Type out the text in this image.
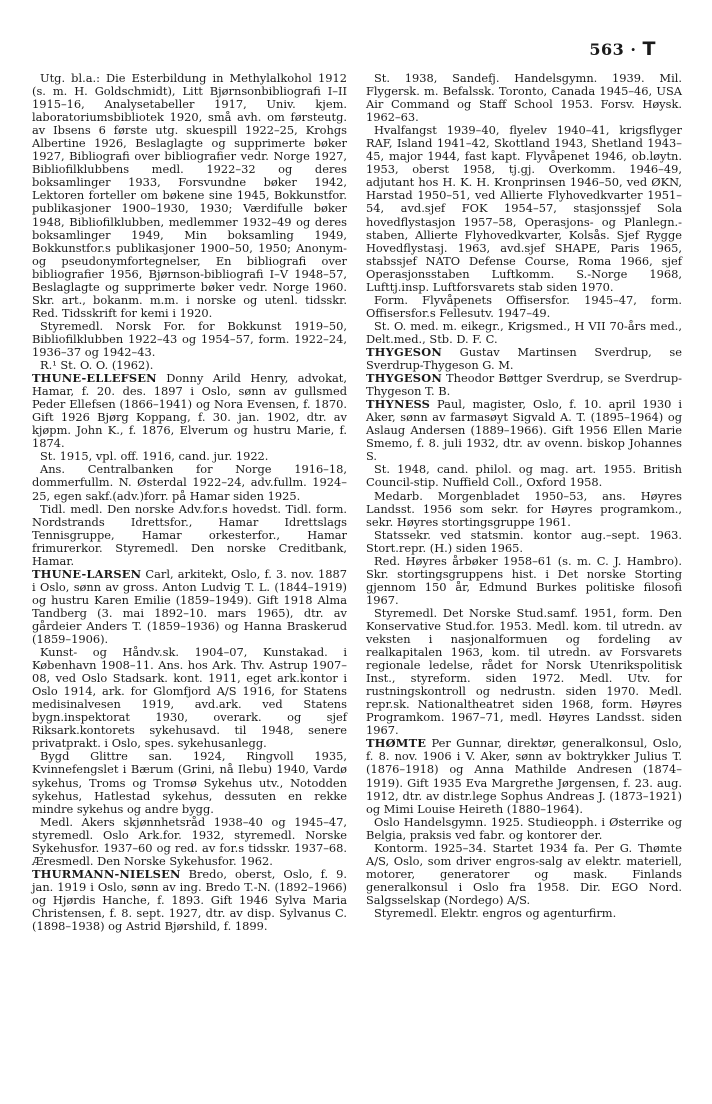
563 · T

Utg. bl.a.: Die Esterbildung in Methylalkohol 1912 (s. m. H. Goldschmidt), Litt Bjørnsonbibliografi I–II 1915–16, Analysetabeller 1917, Univ. kjem. laboratoriumsbibliotek 1920, små avh. om førsteutg. av Ibsens 6 første utg. skuespill 1922–25, Krohgs Albertine 1926, Beslaglagte og supprimerte bøker 1927, Bibliografi over bibliografier vedr. Norge 1927, Bibliofilklubbens medl. 1922–32 og deres boksamlinger 1933, Forsvundne bøker 1942, Lektoren forteller om bøkene sine 1945, Bokkunstfor. publikasjoner 1900–1930, 1930; Værdifulle bøker 1948, Bibliofilklubben, medlemmer 1932–49 og deres boksamlinger 1949, Min boksamling 1949, Bokkunstfor.s publikasjoner 1900–50, 1950; Anonym- og pseudonymfortegnelser, En bibliografi over bibliografier 1956, Bjørnson-bibliografi I–V 1948–57, Beslaglagte og supprimerte bøker vedr. Norge 1960. Skr. art., bokanm. m.m. i norske og utenl. tidsskr. Red. Tidsskrift for kemi i 1920.

Styremedl. Norsk For. for Bokkunst 1919–50, Bibliofilklubben 1922–43 og 1954–57, form. 1922–24, 1936–37 og 1942–43.

R.¹ St. O. O. (1962).

THUNE-ELLEFSEN Donny Arild Henry, advokat, Hamar, f. 20. des. 1897 i Oslo, sønn av gullsmed Peder Ellefsen (1866–1941) og Nora Evensen, f. 1870. Gift 1926 Bjørg Koppang, f. 30. jan. 1902, dtr. av kjøpm. John K., f. 1876, Elverum og hustru Marie, f. 1874.

St. 1915, vpl. off. 1916, cand. jur. 1922.

Ans. Centralbanken for Norge 1916–18, dommerfullm. N. Østerdal 1922–24, adv.fullm. 1924–25, egen sakf.(adv.)forr. på Hamar siden 1925.

Tidl. medl. Den norske Adv.for.s hovedst. Tidl. form. Nordstrands Idrettsfor., Hamar Idrettslags Tennisgruppe, Hamar orkesterfor., Hamar frimurerkor. Styremedl. Den norske Creditbank, Hamar.

THUNE-LARSEN Carl, arkitekt, Oslo, f. 3. nov. 1887 i Oslo, sønn av gross. Anton Ludvig T. L. (1844–1919) og hustru Karen Emilie (1859–1949). Gift 1918 Alma Tandberg (3. mai 1892–10. mars 1965), dtr. av gårdeier Anders T. (1859–1936) og Hanna Braskerud (1859–1906).

Kunst- og Håndv.sk. 1904–07, Kunstakad. i København 1908–11. Ans. hos Ark. Thv. Astrup 1907–08, ved Oslo Stadsark. kont. 1911, eget ark.kontor i Oslo 1914, ark. for Glomfjord A/S 1916, for Statens medisinalvesen 1919, avd.ark. ved Statens bygn.inspektorat 1930, overark. og sjef Riksark.kontorets sykehusavd. til 1948, senere privatprakt. i Oslo, spes. sykehusanlegg.

Bygd Glittre san. 1924, Ringvoll 1935, Kvinnefengslet i Bærum (Grini, nå Ilebu) 1940, Vardø sykehus, Troms og Tromsø Sykehus utv., Notodden sykehus, Hatlestad sykehus, dessuten en rekke mindre sykehus og andre bygg.

Medl. Akers skjønnhetsråd 1938–40 og 1945–47, styremedl. Oslo Ark.for. 1932, styremedl. Norske Sykehusfor. 1937–60 og red. av for.s tidsskr. 1937–68. Æresmedl. Den Norske Sykehusfor. 1962.

THURMANN-NIELSEN Bredo, oberst, Oslo, f. 9. jan. 1919 i Oslo, sønn av ing. Bredo T.-N. (1892–1966) og Hjørdis Hanche, f. 1893. Gift 1946 Sylva Maria Christensen, f. 8. sept. 1927, dtr. av disp. Sylvanus C. (1898–1938) og Astrid Bjørshild, f. 1899.

St. 1938, Sandefj. Handelsgymn. 1939. Mil. Flygersk. m. Befalssk. Toronto, Canada 1945–46, USA Air Command og Staff School 1953. Forsv. Høysk. 1962–63.

Hvalfangst 1939–40, flyelev 1940–41, krigsflyger RAF, Island 1941–42, Skottland 1943, Shetland 1943–45, major 1944, fast kapt. Flyvåpenet 1946, ob.løytn. 1953, oberst 1958, tj.gj. Overkomm. 1946–49, adjutant hos H. K. H. Kronprinsen 1946–50, ved ØKN, Harstad 1950–51, ved Allierte Flyhovedkvarter 1951–54, avd.sjef FOK 1954–57, stasjonssjef Sola hovedflystasjon 1957–58, Operasjons- og Planlegn.-staben, Allierte Flyhovedkvarter, Kolsås. Sjef Rygge Hovedflystasj. 1963, avd.sjef SHAPE, Paris 1965, stabssjef NATO Defense Course, Roma 1966, sjef Operasjonsstaben Luftkomm. S.-Norge 1968, Lufttj.insp. Luftforsvarets stab siden 1970.

Form. Flyvåpenets Offisersfor. 1945–47, form. Offisersfor.s Fellesutv. 1947–49.

St. O. med. m. eikegr., Krigsmed., H VII 70-års med., Delt.med., Stb. D. F. C.

THYGESON Gustav Martinsen Sverdrup, se Sverdrup-Thygeson G. M.

THYGESON Theodor Bøttger Sverdrup, se Sverdrup-Thygeson T. B.

THYNESS Paul, magister, Oslo, f. 10. april 1930 i Aker, sønn av farmasøyt Sigvald A. T. (1895–1964) og Aslaug Andersen (1889–1966). Gift 1956 Ellen Marie Smemo, f. 8. juli 1932, dtr. av ovenn. biskop Johannes S.

St. 1948, cand. philol. og mag. art. 1955. British Council-stip. Nuffield Coll., Oxford 1958.

Medarb. Morgenbladet 1950–53, ans. Høyres Landsst. 1956 som sekr. for Høyres programkom., sekr. Høyres stortingsgruppe 1961.

Statssekr. ved statsmin. kontor aug.–sept. 1963. Stort.repr. (H.) siden 1965.

Red. Høyres årbøker 1958–61 (s. m. C. J. Hambro). Skr. stortingsgruppens hist. i Det norske Storting gjennom 150 år, Edmund Burkes politiske filosofi 1967.

Styremedl. Det Norske Stud.samf. 1951, form. Den Konservative Stud.for. 1953. Medl. kom. til utredn. av veksten i nasjonalformuen og fordeling av realkapitalen 1963, kom. til utredn. av Forsvarets regionale ledelse, rådet for Norsk Utenrikspolitisk Inst., styreform. siden 1972. Medl. Utv. for rustningskontroll og nedrustn. siden 1970. Medl. repr.sk. Nationaltheatret siden 1968, form. Høyres Programkom. 1967–71, medl. Høyres Landsst. siden 1967.

THØMTE Per Gunnar, direktør, generalkonsul, Oslo, f. 8. nov. 1906 i V. Aker, sønn av boktrykker Julius T. (1876–1918) og Anna Mathilde Andresen (1874–1919). Gift 1935 Eva Margrethe Jørgensen, f. 23. aug. 1912, dtr. av distr.lege Sophus Andreas J. (1873–1921) og Mimi Louise Heireth (1880–1964).

Oslo Handelsgymn. 1925. Studieopph. i Østerrike og Belgia, praksis ved fabr. og kontorer der.

Kontorm. 1925–34. Startet 1934 fa. Per G. Thømte A/S, Oslo, som driver engros-salg av elektr. materiell, motorer, generatorer og mask. Finlands generalkonsul i Oslo fra 1958. Dir. EGO Nord. Salgsselskap (Nordego) A/S.

Styremedl. Elektr. engros og agenturfirm.
